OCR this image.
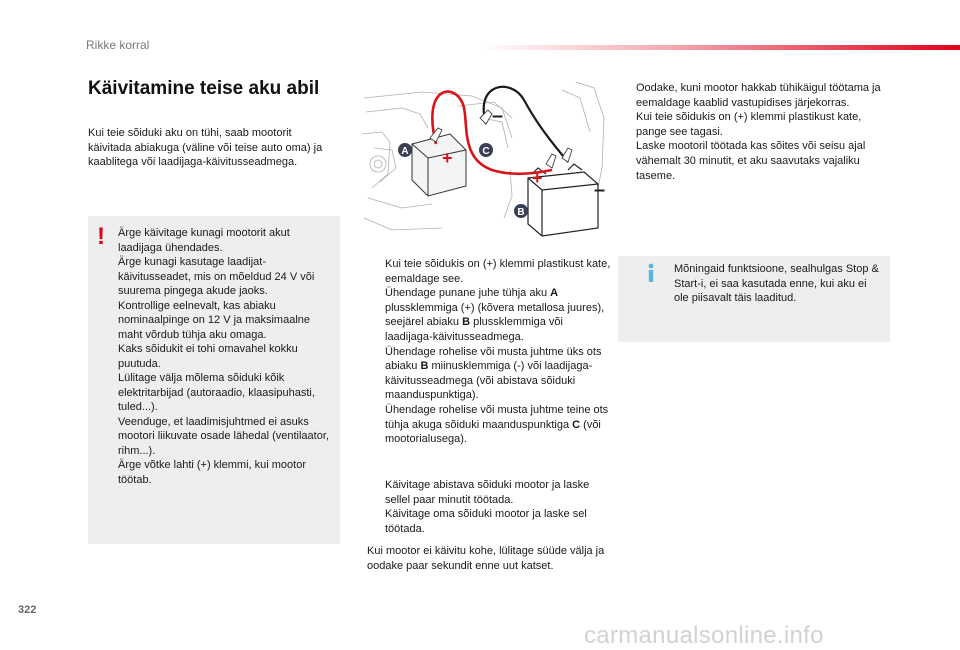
Rikke korral
Käivitamine teise aku abil

Kui teie sõiduki aku on tühi, saab mootorit käivitada abiakuga (väline või teise auto oma) ja kaablitega või laadijaga-käivitusseadmega.

! Ärge käivitage kunagi mootorit akut laadijaga ühendades.
Ärge kunagi kasutage laadijat-käivitusseadet, mis on mõeldud 24 V või suurema pingega akude jaoks.
Kontrollige eelnevalt, kas abiaku nominaalpinge on 12 V ja maksimaalne maht võrdub tühja aku omaga.
Kaks sõidukit ei tohi omavahel kokku puutuda.
Lülitage välja mõlema sõiduki kõik elektritarbijad (autoraadio, klaasipuhasti, tuled...).
Veenduge, et laadimisjuhtmed ei asuks mootori liikuvate osade lähedal (ventilaator, rihm...).
Ärge võtke lahti (+) klemmi, kui mootor töötab.

+
–
+
–
A	C
B
Kui teie sõidukis on (+) klemmi plastikust kate, eemaldage see.
Ühendage punane juhe tühja aku A plussklemmiga (+) (kõvera metallosa juures), seejärel abiaku B plussklemmiga või laadijaga-käivitusseadmega.
Ühendage rohelise või musta juhtme üks ots abiaku B miinusklemmiga (-) või laadijaga-käivitusseadmega (või abistava sõiduki maanduspunktiga).
Ühendage rohelise või musta juhtme teine ots tühja akuga sõiduki maanduspunktiga C (või mootorialusega).
Käivitage abistava sõiduki mootor ja laske sellel paar minutit töötada.
Käivitage oma sõiduki mootor ja laske sel töötada.

Kui mootor ei käivitu kohe, lülitage süüde välja ja oodake paar sekundit enne uut katset.

Oodake, kuni mootor hakkab tühikäigul töötama ja eemaldage kaablid vastupidises järjekorras.
Kui teie sõidukis on (+) klemmi plastikust kate, pange see tagasi.
Laske mootoril töötada kas sõites või seisu ajal vähemalt 30 minutit, et aku saavutaks vajaliku taseme.

Mõningaid funktsioone, sealhulgas Stop & Start-i, ei saa kasutada enne, kui aku ei ole piisavalt täis laaditud.

322
carmanualsonline.info
